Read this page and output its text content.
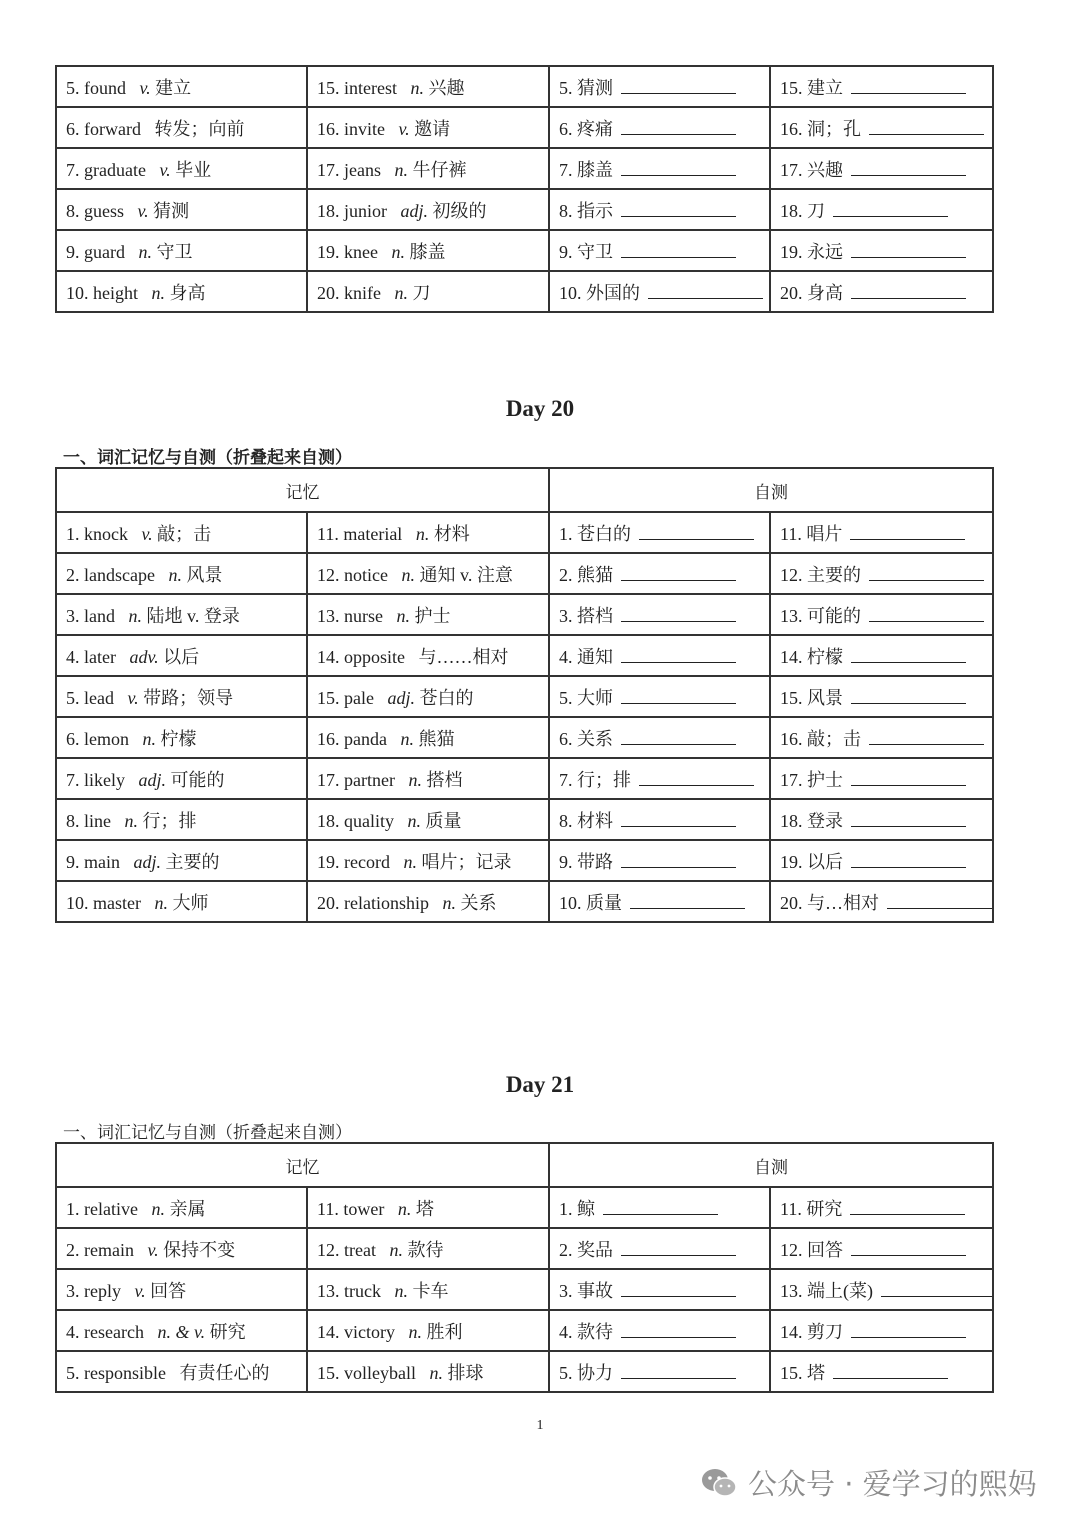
5. found v. 建立	15. interest n. 兴趣	5. 猜测	15. 建立
6. forward 转发；向前	16. invite v. 邀请	6. 疼痛	16. 洞；孔
7. graduate v. 毕业	17. jeans n. 牛仔裤	7. 膝盖	17. 兴趣
8. guess v. 猜测	18. junior adj. 初级的	8. 指示	18. 刀
9. guard n. 守卫	19. knee n. 膝盖	9. 守卫	19. 永远
10. height n. 身高	20. knife n. 刀	10. 外国的	20. 身高
Day 20

一、词汇记忆与自测（折叠起来自测）

记忆		自测	
1. knock v. 敲；击	11. material n. 材料	1. 苍白的	11. 唱片
2. landscape n. 风景	12. notice n. 通知 v. 注意	2. 熊猫	12. 主要的
3. land n. 陆地 v. 登录	13. nurse n. 护士	3. 搭档	13. 可能的
4. later adv. 以后	14. opposite 与……相对	4. 通知	14. 柠檬
5. lead v. 带路；领导	15. pale adj. 苍白的	5. 大师	15. 风景
6. lemon n. 柠檬	16. panda n. 熊猫	6. 关系	16. 敲；击
7. likely adj. 可能的	17. partner n. 搭档	7. 行；排	17. 护士
8. line n. 行；排	18. quality n. 质量	8. 材料	18. 登录
9. main adj. 主要的	19. record n. 唱片；记录	9. 带路	19. 以后
10. master n. 大师	20. relationship n. 关系	10. 质量	20. 与…相对
Day 21

一、词汇记忆与自测（折叠起来自测）

记忆		自测	
1. relative n. 亲属	11. tower n. 塔	1. 鲸	11. 研究
2. remain v. 保持不变	12. treat n. 款待	2. 奖品	12. 回答
3. reply v. 回答	13. truck n. 卡车	3. 事故	13. 端上(菜)
4. research n. & v. 研究	14. victory n. 胜利	4. 款待	14. 剪刀
5. responsible 有责任心的	15. volleyball n. 排球	5. 协力	15. 塔
1
公众号 · 爱学习的熙妈
